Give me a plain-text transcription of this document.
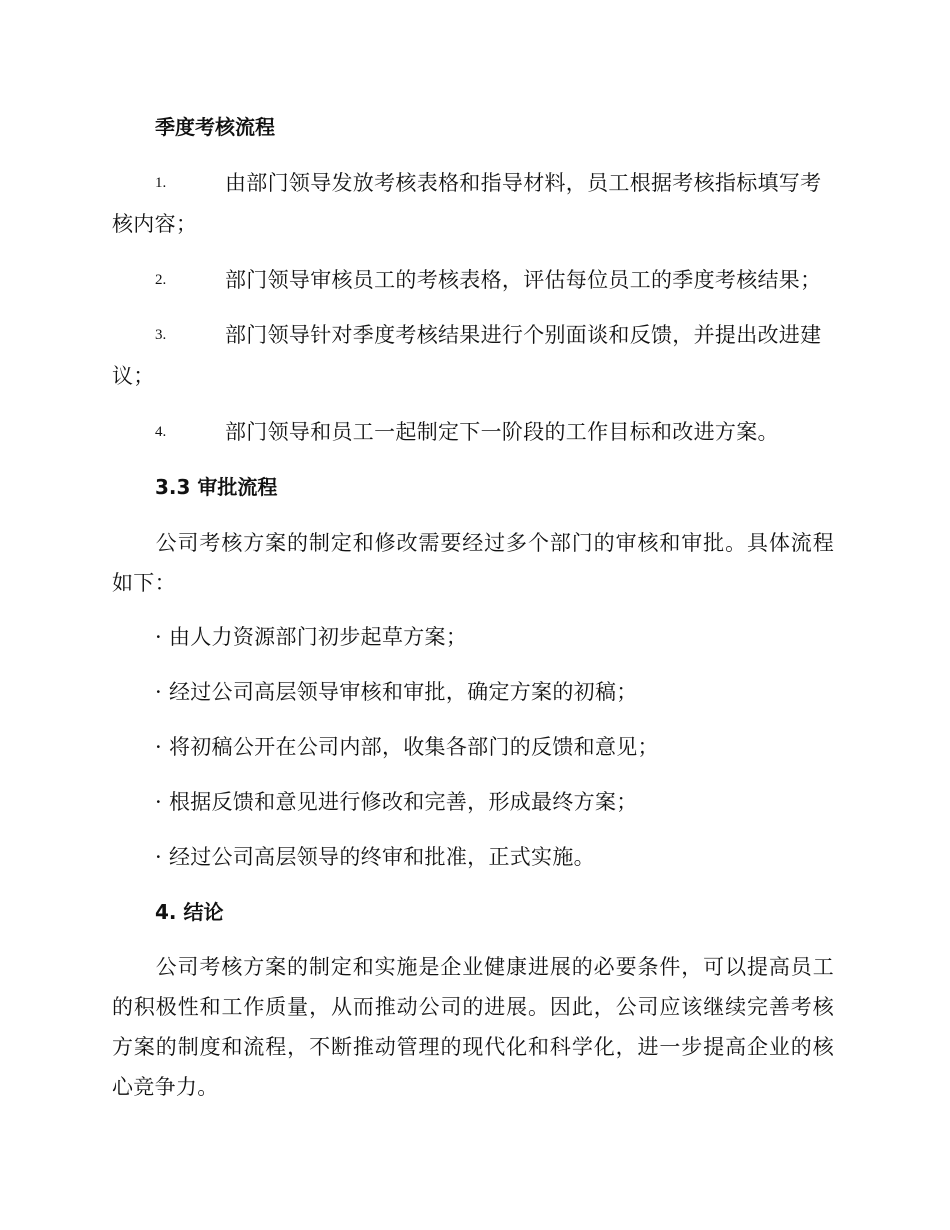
季度考核流程
1.	由部门领导发放考核表格和指导材料，员工根据考核指标填写考
核内容；
2.	部门领导审核员工的考核表格，评估每位员工的季度考核结果；
3.	部门领导针对季度考核结果进行个别面谈和反馈，并提出改进建
议；
4.	部门领导和员工一起制定下一阶段的工作目标和改进方案。
3.3 审批流程
公司考核方案的制定和修改需要经过多个部门的审核和审批。具体流程如下：
· 由人力资源部门初步起草方案；
· 经过公司高层领导审核和审批，确定方案的初稿；
· 将初稿公开在公司内部，收集各部门的反馈和意见；
· 根据反馈和意见进行修改和完善，形成最终方案；
· 经过公司高层领导的终审和批准，正式实施。
4. 结论
公司考核方案的制定和实施是企业健康进展的必要条件，可以提高员工的积极性和工作质量，从而推动公司的进展。因此，公司应该继续完善考核方案的制度和流程，不断推动管理的现代化和科学化，进一步提高企业的核心竞争力。
